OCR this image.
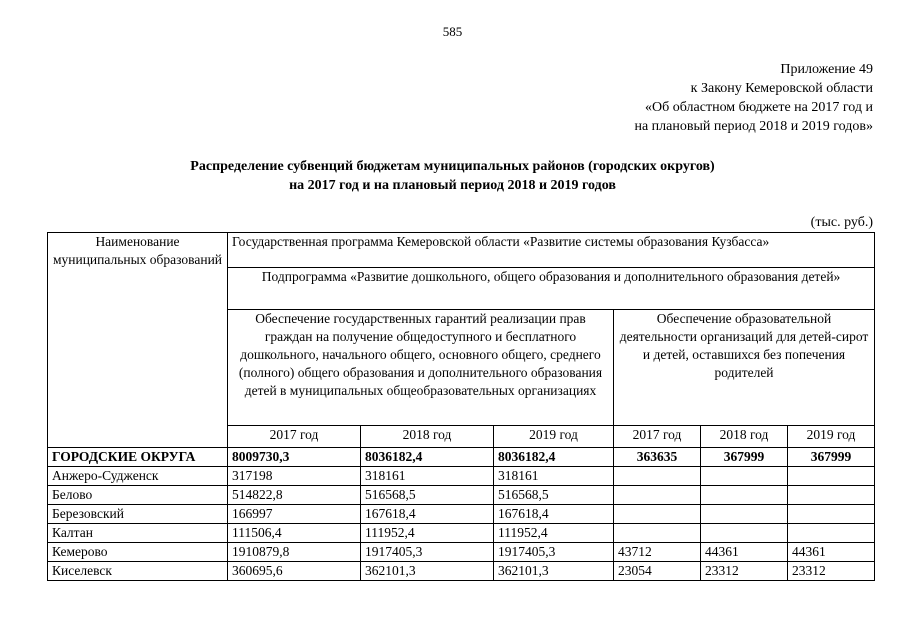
585
Приложение 49
к Закону Кемеровской области
«Об областном бюджете на 2017 год и
на плановый период 2018 и 2019 годов»
Распределение субвенций бюджетам муниципальных районов (городских округов)
на 2017 год и на плановый период 2018 и 2019 годов
(тыс. руб.)
Наименование муниципальных образований	Государственная программа Кемеровской области «Развитие системы образования Кузбасса»					
	Подпрограмма «Развитие дошкольного, общего образования и дополнительного образования детей»					
	Обеспечение государственных гарантий реализации прав граждан на получение общедоступного и бесплатного дошкольного, начального общего, основного общего, среднего (полного) общего образования и дополнительного образования детей в муниципальных общеобразовательных организациях			Обеспечение образовательной деятельности организаций для детей-сирот и детей, оставшихся без попечения родителей		
	2017 год	2018 год	2019 год	2017 год	2018 год	2019 год
ГОРОДСКИЕ ОКРУГА	8009730,3	8036182,4	8036182,4	363635	367999	367999
Анжеро-Судженск	317198	318161	318161			
Белово	514822,8	516568,5	516568,5			
Березовский	166997	167618,4	167618,4			
Калтан	111506,4	111952,4	111952,4			
Кемерово	1910879,8	1917405,3	1917405,3	43712	44361	44361
Киселевск	360695,6	362101,3	362101,3	23054	23312	23312
